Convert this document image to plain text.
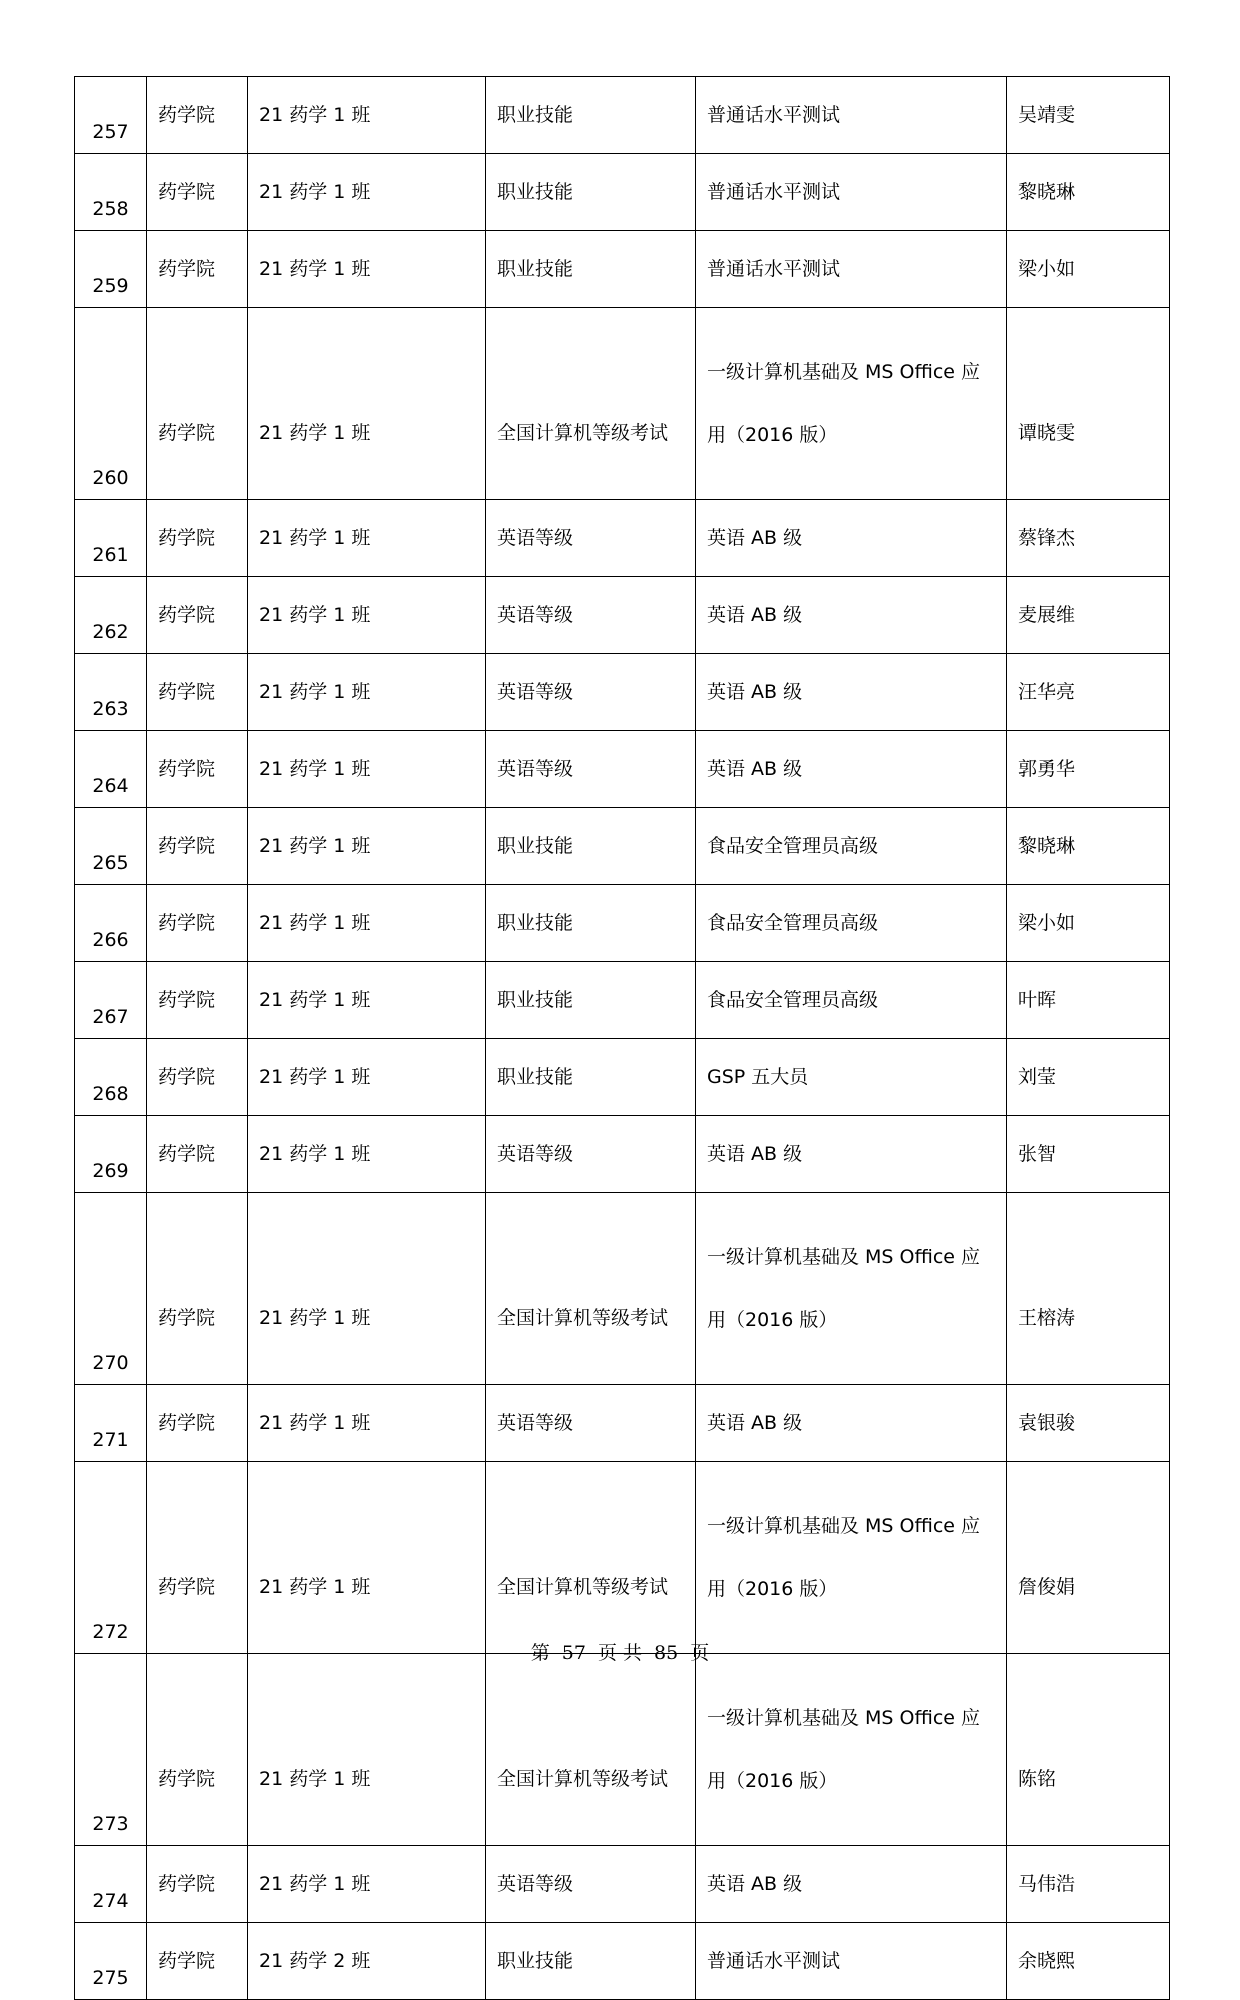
257	药学院	21 药学 1 班	职业技能	普通话水平测试	吴靖雯
258	药学院	21 药学 1 班	职业技能	普通话水平测试	黎晓琳
259	药学院	21 药学 1 班	职业技能	普通话水平测试	梁小如
260	药学院	21 药学 1 班	全国计算机等级考试	一级计算机基础及 MS Office 应
用（2016 版）	谭晓雯
261	药学院	21 药学 1 班	英语等级	英语 AB 级	蔡锋杰
262	药学院	21 药学 1 班	英语等级	英语 AB 级	麦展维
263	药学院	21 药学 1 班	英语等级	英语 AB 级	汪华亮
264	药学院	21 药学 1 班	英语等级	英语 AB 级	郭勇华
265	药学院	21 药学 1 班	职业技能	食品安全管理员高级	黎晓琳
266	药学院	21 药学 1 班	职业技能	食品安全管理员高级	梁小如
267	药学院	21 药学 1 班	职业技能	食品安全管理员高级	叶晖
268	药学院	21 药学 1 班	职业技能	GSP 五大员	刘莹
269	药学院	21 药学 1 班	英语等级	英语 AB 级	张智
270	药学院	21 药学 1 班	全国计算机等级考试	一级计算机基础及 MS Office 应
用（2016 版）	王榕涛
271	药学院	21 药学 1 班	英语等级	英语 AB 级	袁银骏
272	药学院	21 药学 1 班	全国计算机等级考试	一级计算机基础及 MS Office 应
用（2016 版）	詹俊娟
273	药学院	21 药学 1 班	全国计算机等级考试	一级计算机基础及 MS Office 应
用（2016 版）	陈铭
274	药学院	21 药学 1 班	英语等级	英语 AB 级	马伟浩
275	药学院	21 药学 2 班	职业技能	普通话水平测试	余晓熙
第 57 页 共 85 页
